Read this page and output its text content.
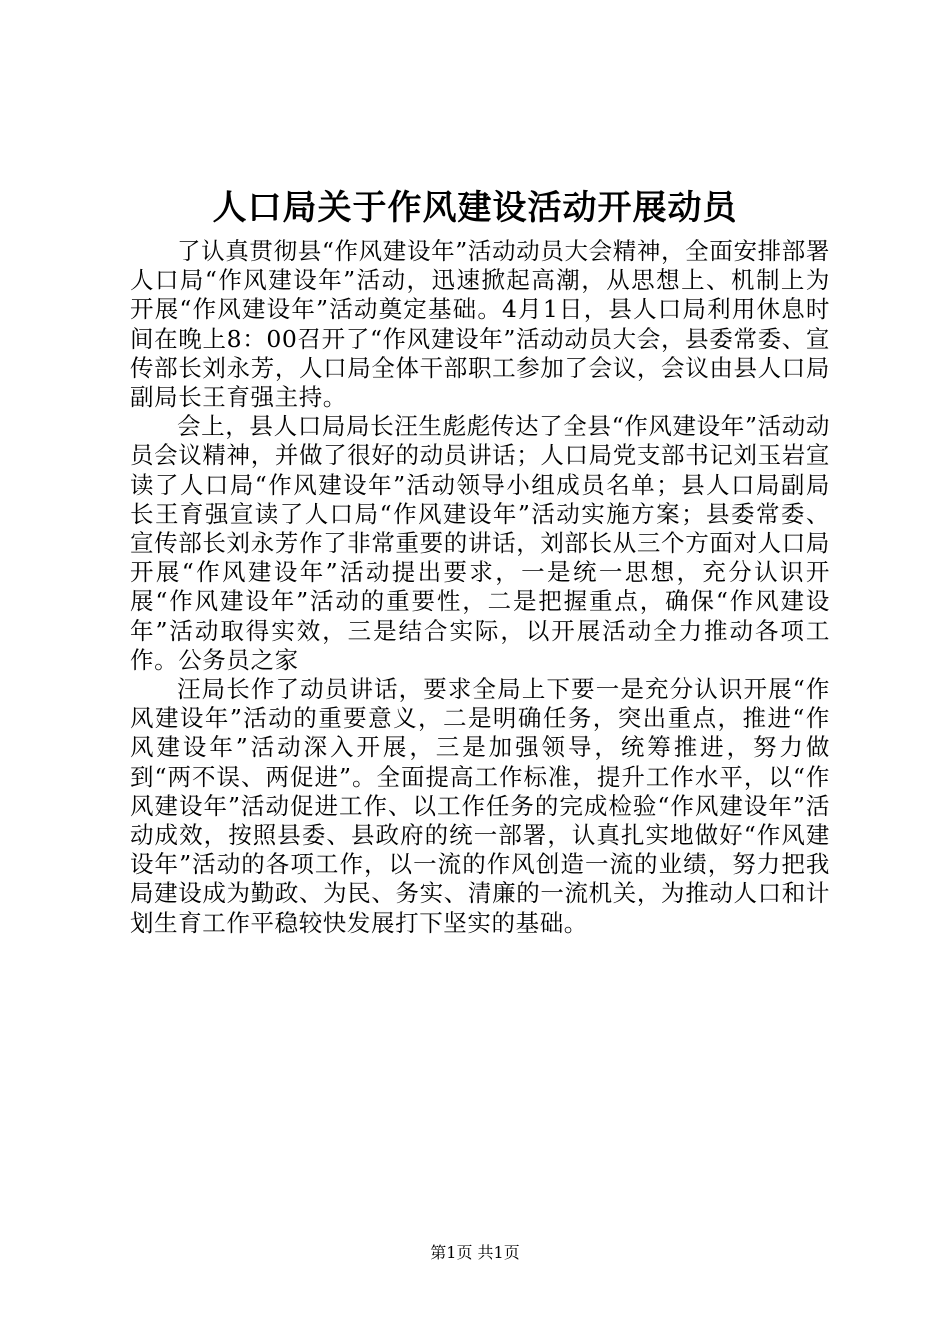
人口局关于作风建设活动开展动员

了认真贯彻县“作风建设年”活动动员大会精神，全面安排部署人口局“作风建设年”活动，迅速掀起高潮，从思想上、机制上为开展“作风建设年”活动奠定基础。4月1日，县人口局利用休息时间在晚上8：00召开了“作风建设年”活动动员大会，县委常委、宣传部长刘永芳，人口局全体干部职工参加了会议，会议由县人口局副局长王育强主持。

会上，县人口局局长汪生彪彪传达了全县“作风建设年”活动动员会议精神，并做了很好的动员讲话；人口局党支部书记刘玉岩宣读了人口局“作风建设年”活动领导小组成员名单；县人口局副局长王育强宣读了人口局“作风建设年”活动实施方案；县委常委、宣传部长刘永芳作了非常重要的讲话，刘部长从三个方面对人口局开展“作风建设年”活动提出要求，一是统一思想，充分认识开展“作风建设年”活动的重要性，二是把握重点，确保“作风建设年”活动取得实效，三是结合实际，以开展活动全力推动各项工作。公务员之家

汪局长作了动员讲话，要求全局上下要一是充分认识开展“作风建设年”活动的重要意义，二是明确任务，突出重点，推进“作风建设年”活动深入开展，三是加强领导，统筹推进，努力做到“两不误、两促进”。全面提高工作标准，提升工作水平，以“作风建设年”活动促进工作、以工作任务的完成检验“作风建设年”活动成效，按照县委、县政府的统一部署，认真扎实地做好“作风建设年”活动的各项工作，以一流的作风创造一流的业绩，努力把我局建设成为勤政、为民、务实、清廉的一流机关，为推动人口和计划生育工作平稳较快发展打下坚实的基础。

第1页 共1页
